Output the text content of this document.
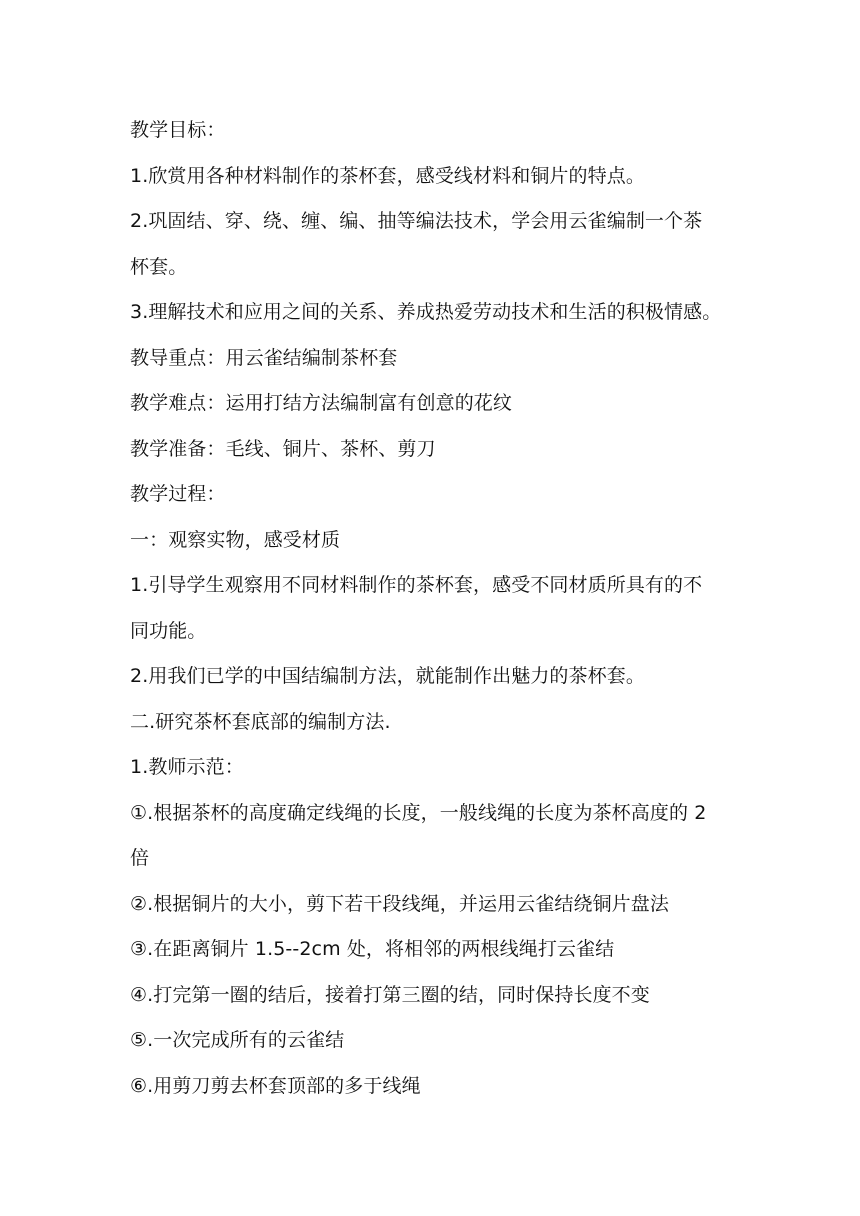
教学目标：
1.欣赏用各种材料制作的茶杯套，感受线材料和铜片的特点。
2.巩固结、穿、绕、缠、编、抽等编法技术，学会用云雀编制一个茶
杯套。
3.理解技术和应用之间的关系、养成热爱劳动技术和生活的积极情感。
教导重点：用云雀结编制茶杯套
教学难点：运用打结方法编制富有创意的花纹
教学准备：毛线、铜片、茶杯、剪刀
教学过程：
一：观察实物，感受材质
1.引导学生观察用不同材料制作的茶杯套，感受不同材质所具有的不
同功能。
2.用我们已学的中国结编制方法，就能制作出魅力的茶杯套。
二.研究茶杯套底部的编制方法.
1.教师示范：
①.根据茶杯的高度确定线绳的长度，一般线绳的长度为茶杯高度的 2
倍
②.根据铜片的大小，剪下若干段线绳，并运用云雀结绕铜片盘法
③.在距离铜片 1.5--2cm 处，将相邻的两根线绳打云雀结
④.打完第一圈的结后，接着打第三圈的结，同时保持长度不变
⑤.一次完成所有的云雀结
⑥.用剪刀剪去杯套顶部的多于线绳
